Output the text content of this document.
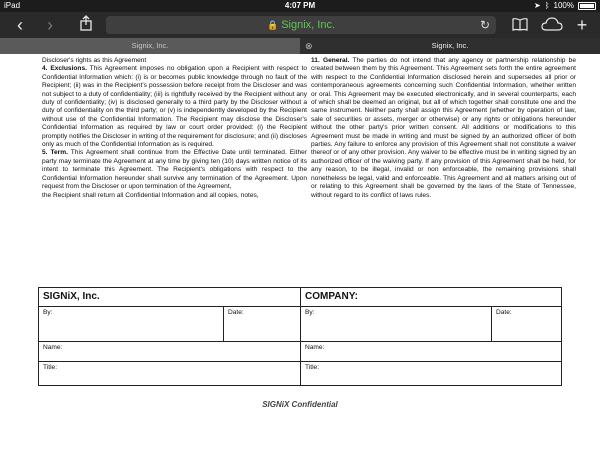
iPad	4:07 PM	➤ ᛒ 100%
‹	›	🔒 Signix, Inc.	↻	+
Signix, Inc.	⊗	Signix, Inc.

Discloser's rights as this Agreement

4. Exclusions. This Agreement imposes no obligation upon a Recipient with respect to Confidential Information which: (i) is or becomes public knowledge through no fault of the Recipient; (ii) was in the Recipient's possession before receipt from the Discloser and was not subject to a duty of confidentiality; (iii) is rightfully received by the Recipient without any duty of confidentiality; (iv) is disclosed generally to a third party by the Discloser without a duty of confidentiality on the third party; or (v) is independently developed by the Recipient without use of the Confidential Information. The Recipient may disclose the Discloser's Confidential Information as required by law or court order provided: (i) the Recipient promptly notifies the Discloser in writing of the requirement for disclosure; and (ii) discloses only as much of the Confidential Information as is required.

5. Term. This Agreement shall continue from the Effective Date until terminated. Either party may terminate the Agreement at any time by giving ten (10) days written notice of its intent to terminate this Agreement. The Recipient's obligations with respect to the Confidential Information hereunder shall survive any termination of the Agreement. Upon request from the Discloser or upon termination of the Agreement,

the Recipient shall return all Confidential Information and all copies, notes,

11. General. The parties do not intend that any agency or partnership relationship be created between them by this Agreement. This Agreement sets forth the entire agreement with respect to the Confidential Information disclosed herein and supersedes all prior or contemporaneous agreements concerning such Confidential Information, whether written or oral. This Agreement may be executed electronically, and in several counterparts, each of which shall be deemed an original, but all of which together shall constitute one and the same instrument. Neither party shall assign this Agreement (whether by operation of law, sale of securities or assets, merger or otherwise) or any rights or obligations hereunder without the other party's prior written consent. All additions or modifications to this Agreement must be made in writing and must be signed by an authorized officer of both parties. Any failure to enforce any provision of this Agreement shall not constitute a waiver thereof or of any other provision. Any waiver to be effective must be in writing signed by an authorized officer of the waiving party. If any provision of this Agreement shall be held, for any reason, to be illegal, invalid or non enforceable, the remaining provisions shall nonetheless be legal, valid and enforceable. This Agreement and all matters arising out of or relating to this Agreement shall be governed by the laws of the State of Tennessee, without regard to its conflict of laws rules.

SIGNiX, Inc.	COMPANY:
By:	Date:	By:	Date:
Name:	Name:
Title:	Title:
SIGNiX Confidential
